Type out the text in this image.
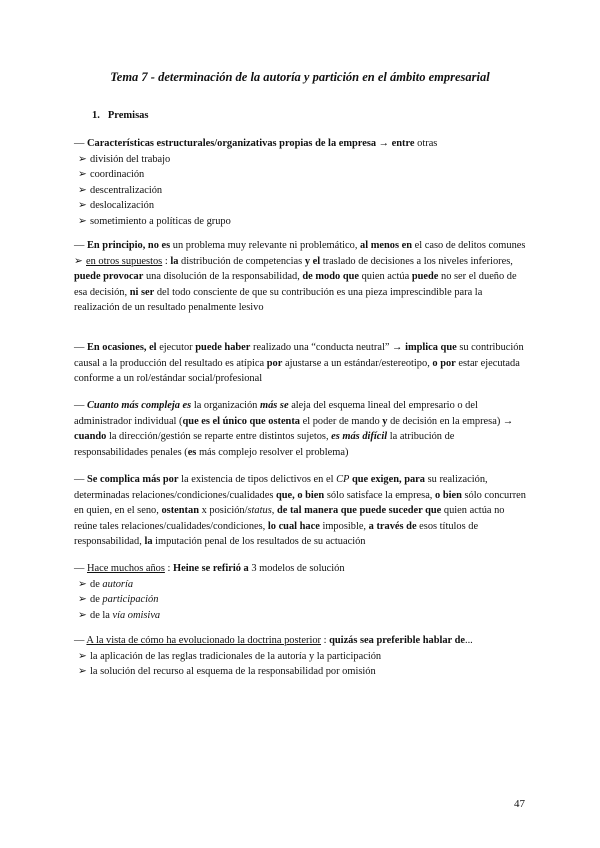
Tema 7 - determinación de la autoría y partición en el ámbito empresarial
1. Premisas

— Características estructurales/organizativas propias de la empresa → entre otras

➢ división del trabajo
➢ coordinación
➢ descentralización
➢ deslocalización
➢ sometimiento a políticas de grupo

— En principio, no es un problema muy relevante ni problemático, al menos en el caso de delitos comunes

➢ en otros supuestos : la distribución de competencias y el traslado de decisiones a los niveles inferiores, puede provocar una disolución de la responsabilidad, de modo que quien actúa puede no ser el dueño de esa decisión, ni ser del todo consciente de que su contribución es una pieza imprescindible para la realización de un resultado penalmente lesivo

— En ocasiones, el ejecutor puede haber realizado una “conducta neutral” → implica que su contribución causal a la producción del resultado es atípica por ajustarse a un estándar/estereotipo, o por estar ejecutada conforme a un rol/estándar social/profesional

— Cuanto más compleja es la organización más se aleja del esquema lineal del empresario o del administrador individual (que es el único que ostenta el poder de mando y de decisión en la empresa) → cuando la dirección/gestión se reparte entre distintos sujetos, es más difícil la atribución de responsabilidades penales (es más complejo resolver el problema)

— Se complica más por la existencia de tipos delictivos en el CP que exigen, para su realización, determinadas relaciones/condiciones/cualidades que, o bien sólo satisface la empresa, o bien sólo concurren en quien, en el seno, ostentan x posición/status, de tal manera que puede suceder que quien actúa no reúne tales relaciones/cualidades/condiciones, lo cual hace imposible, a través de esos títulos de responsabilidad, la imputación penal de los resultados de su actuación

— Hace muchos años : Heine se refirió a 3 modelos de solución

➢ de autoría
➢ de participación
➢ de la vía omisiva

— A la vista de cómo ha evolucionado la doctrina posterior : quizás sea preferible hablar de...

➢ la aplicación de las reglas tradicionales de la autoría y la participación
➢ la solución del recurso al esquema de la responsabilidad por omisión
47
